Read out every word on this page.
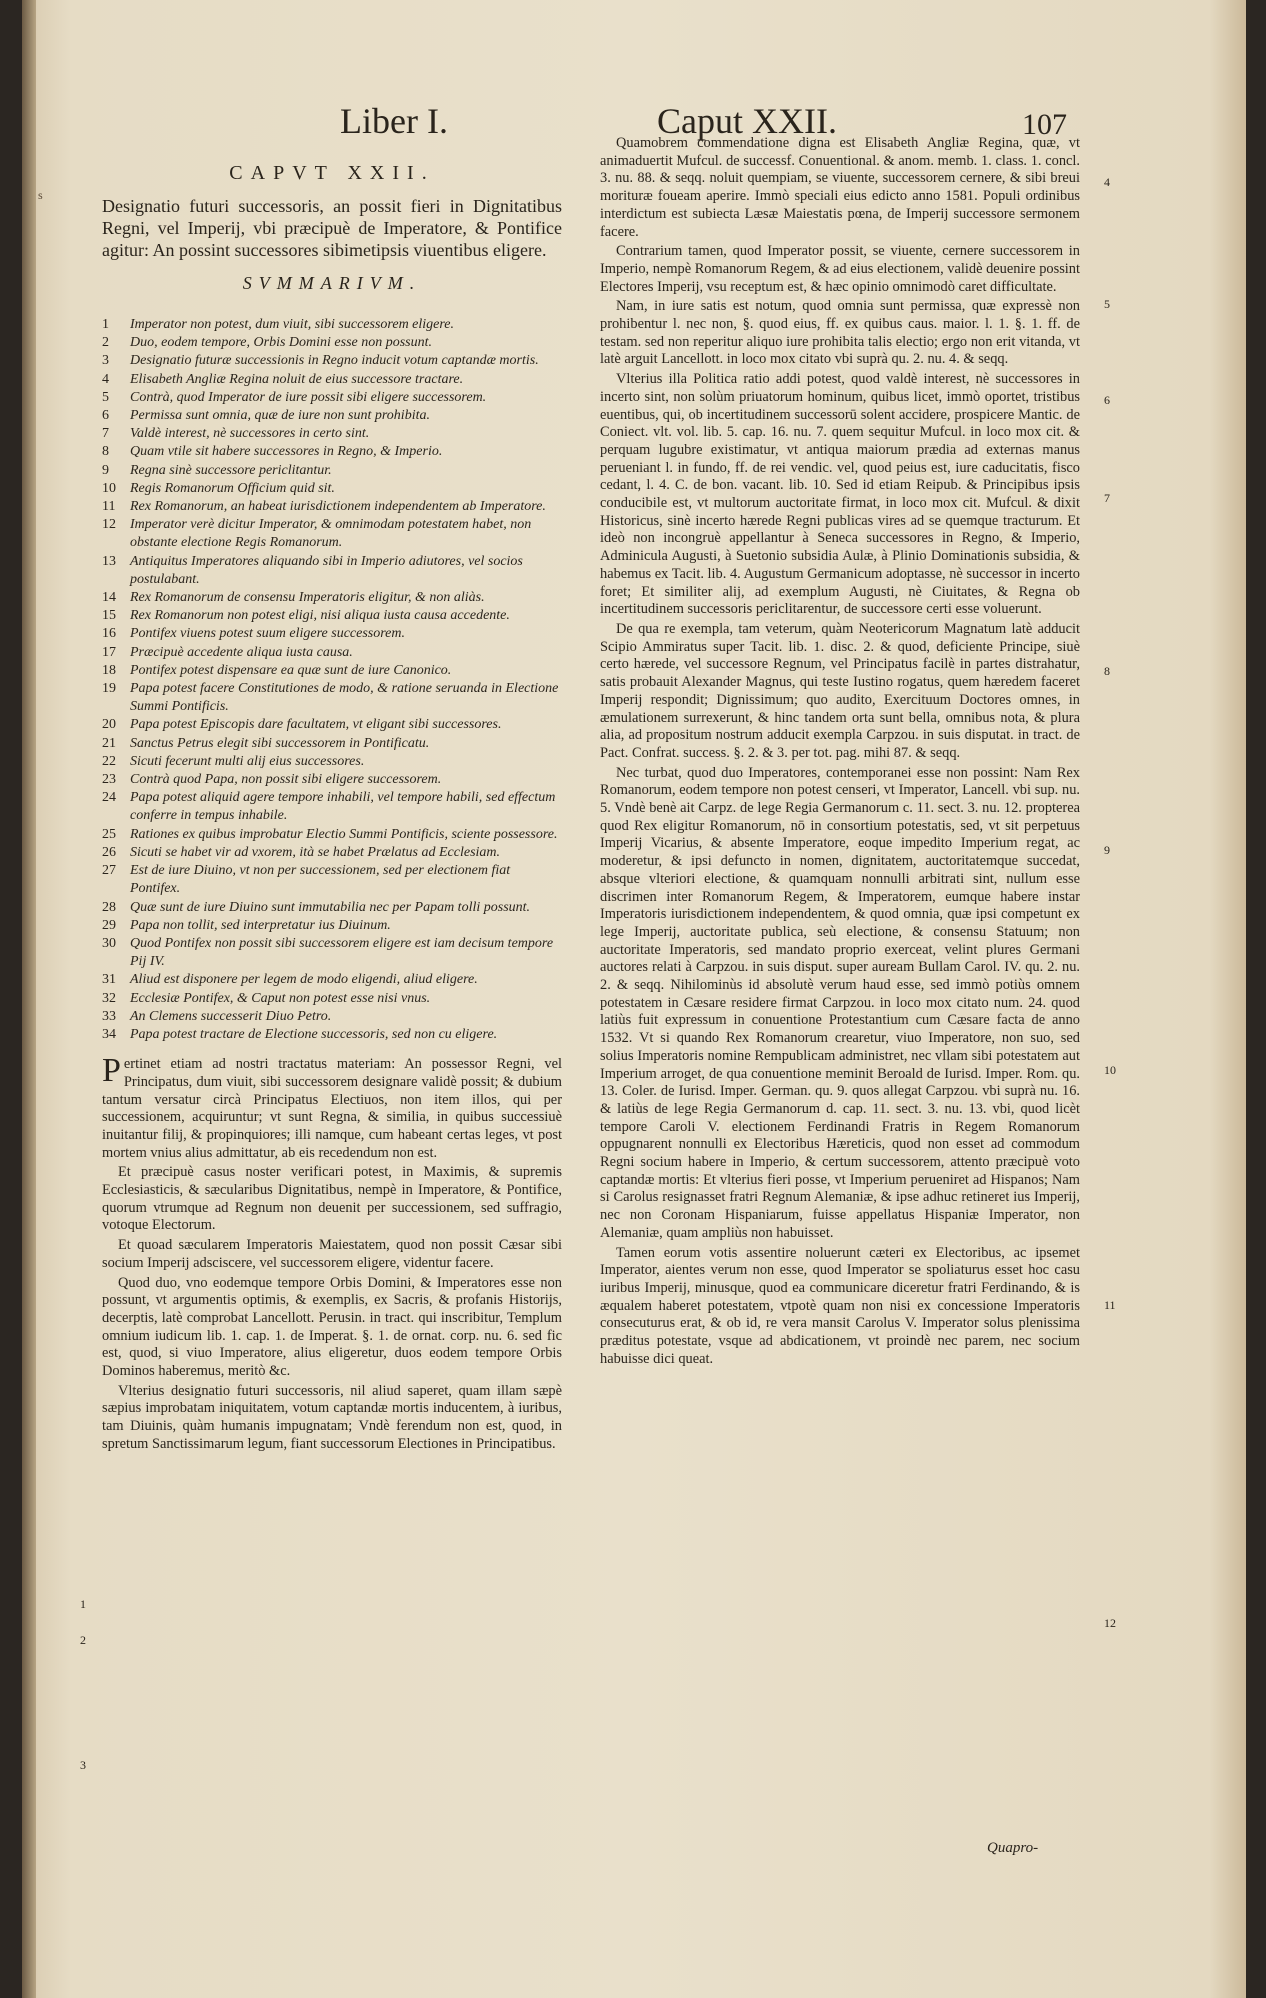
s
Liber I.	Caput XXII.	107
CAPVT XXII.

Designatio futuri successoris, an possit fieri in Dignitatibus Regni, vel Imperij, vbi præcipuè de Imperatore, & Pontifice agitur: An possint successores sibimetipsis viuentibus eligere.

SVMMARIVM.
1	Imperator non potest, dum viuit, sibi successorem eligere.
2	Duo, eodem tempore, Orbis Domini esse non possunt.
3	Designatio futuræ successionis in Regno inducit votum captandæ mortis.
4	Elisabeth Angliæ Regina noluit de eius successore tractare.
5	Contrà, quod Imperator de iure possit sibi eligere successorem.
6	Permissa sunt omnia, quæ de iure non sunt prohibita.
7	Valdè interest, nè successores in certo sint.
8	Quam vtile sit habere successores in Regno, & Imperio.
9	Regna sinè successore periclitantur.
10	Regis Romanorum Officium quid sit.
11	Rex Romanorum, an habeat iurisdictionem independentem ab Imperatore.
12	Imperator verè dicitur Imperator, & omnimodam potestatem habet, non obstante electione Regis Romanorum.
13	Antiquitus Imperatores aliquando sibi in Imperio adiutores, vel socios postulabant.
14	Rex Romanorum de consensu Imperatoris eligitur, & non aliàs.
15	Rex Romanorum non potest eligi, nisi aliqua iusta causa accedente.
16	Pontifex viuens potest suum eligere successorem.
17	Præcipuè accedente aliqua iusta causa.
18	Pontifex potest dispensare ea quæ sunt de iure Canonico.
19	Papa potest facere Constitutiones de modo, & ratione seruanda in Electione Summi Pontificis.
20	Papa potest Episcopis dare facultatem, vt eligant sibi successores.
21	Sanctus Petrus elegit sibi successorem in Pontificatu.
22	Sicuti fecerunt multi alij eius successores.
23	Contrà quod Papa, non possit sibi eligere successorem.
24	Papa potest aliquid agere tempore inhabili, vel tempore habili, sed effectum conferre in tempus inhabile.
25	Rationes ex quibus improbatur Electio Summi Pontificis, sciente possessore.
26	Sicuti se habet vir ad vxorem, ità se habet Prælatus ad Ecclesiam.
27	Est de iure Diuino, vt non per successionem, sed per electionem fiat Pontifex.
28	Quæ sunt de iure Diuino sunt immutabilia nec per Papam tolli possunt.
29	Papa non tollit, sed interpretatur ius Diuinum.
30	Quod Pontifex non possit sibi successorem eligere est iam decisum tempore Pij IV.
31	Aliud est disponere per legem de modo eligendi, aliud eligere.
32	Ecclesiæ Pontifex, & Caput non potest esse nisi vnus.
33	An Clemens successerit Diuo Petro.
34	Papa potest tractare de Electione successoris, sed non cu eligere.

Pertinet etiam ad nostri tractatus materiam: An possessor Regni, vel Principatus, dum viuit, sibi successorem designare validè possit; & dubium tantum versatur circà Principatus Electiuos, non item illos, qui per successionem, acquiruntur; vt sunt Regna, & similia, in quibus successiuè inuitantur filij, & propinquiores; illi namque, cum habeant certas leges, vt post mortem vnius alius admittatur, ab eis recedendum non est.

Et præcipuè casus noster verificari potest, in Maximis, & supremis Ecclesiasticis, & sæcularibus Dignitatibus, nempè in Imperatore, & Pontifice, quorum vtrumque ad Regnum non deuenit per successionem, sed suffragio, votoque Electorum.

Et quoad sæcularem Imperatoris Maiestatem, quod non possit Cæsar sibi socium Imperij adsciscere, vel successorem eligere, videntur facere.

Quod duo, vno eodemque tempore Orbis Domini, & Imperatores esse non possunt, vt argumentis optimis, & exemplis, ex Sacris, & profanis Historijs, decerptis, latè comprobat Lancellott. Perusin. in tract. qui inscribitur, Templum omnium iudicum lib. 1. cap. 1. de Imperat. §. 1. de ornat. corp. nu. 6. sed fic est, quod, si viuo Imperatore, alius eligeretur, duos eodem tempore Orbis Dominos haberemus, meritò &c.

Vlterius designatio futuri successoris, nil aliud saperet, quam illam sæpè sæpius improbatam iniquitatem, votum captandæ mortis inducentem, à iuribus, tam Diuinis, quàm humanis impugnatam; Vndè ferendum non est, quod, in spretum Sanctissimarum legum, fiant successorum Electiones in Principatibus.

Quamobrem commendatione digna est Elisabeth Angliæ Regina, quæ, vt animaduertit Mufcul. de successf. Conuentional. & anom. memb. 1. class. 1. concl. 3. nu. 88. & seqq. noluit quempiam, se viuente, successorem cernere, & sibi breui morituræ foueam aperire. Immò speciali eius edicto anno 1581. Populi ordinibus interdictum est subiecta Læsæ Maiestatis pœna, de Imperij successore sermonem facere.

Contrarium tamen, quod Imperator possit, se viuente, cernere successorem in Imperio, nempè Romanorum Regem, & ad eius electionem, validè deuenire possint Electores Imperij, vsu receptum est, & hæc opinio omnimodò caret difficultate.

Nam, in iure satis est notum, quod omnia sunt permissa, quæ expressè non prohibentur l. nec non, §. quod eius, ff. ex quibus caus. maior. l. 1. §. 1. ff. de testam. sed non reperitur aliquo iure prohibita talis electio; ergo non erit vitanda, vt latè arguit Lancellott. in loco mox citato vbi suprà qu. 2. nu. 4. & seqq.

Vlterius illa Politica ratio addi potest, quod valdè interest, nè successores in incerto sint, non solùm priuatorum hominum, quibus licet, immò oportet, tristibus euentibus, qui, ob incertitudinem successorū solent accidere, prospicere Mantic. de Coniect. vlt. vol. lib. 5. cap. 16. nu. 7. quem sequitur Mufcul. in loco mox cit. & perquam lugubre existimatur, vt antiqua maiorum prædia ad externas manus perueniant l. in fundo, ff. de rei vendic. vel, quod peius est, iure caducitatis, fisco cedant, l. 4. C. de bon. vacant. lib. 10. Sed id etiam Reipub. & Principibus ipsis conducibile est, vt multorum auctoritate firmat, in loco mox cit. Mufcul. & dixit Historicus, sinè incerto hærede Regni publicas vires ad se quemque tracturum. Et ideò non incongruè appellantur à Seneca successores in Regno, & Imperio, Adminicula Augusti, à Suetonio subsidia Aulæ, à Plinio Dominationis subsidia, & habemus ex Tacit. lib. 4. Augustum Germanicum adoptasse, nè successor in incerto foret; Et similiter alij, ad exemplum Augusti, nè Ciuitates, & Regna ob incertitudinem successoris periclitarentur, de successore certi esse voluerunt.

De qua re exempla, tam veterum, quàm Neotericorum Magnatum latè adducit Scipio Ammiratus super Tacit. lib. 1. disc. 2. & quod, deficiente Principe, siuè certo hærede, vel successore Regnum, vel Principatus facilè in partes distrahatur, satis probauit Alexander Magnus, qui teste Iustino rogatus, quem hæredem faceret Imperij respondit; Dignissimum; quo audito, Exercituum Doctores omnes, in æmulationem surrexerunt, & hinc tandem orta sunt bella, omnibus nota, & plura alia, ad propositum nostrum adducit exempla Carpzou. in suis disputat. in tract. de Pact. Confrat. success. §. 2. & 3. per tot. pag. mihi 87. & seqq.

Nec turbat, quod duo Imperatores, contemporanei esse non possint: Nam Rex Romanorum, eodem tempore non potest censeri, vt Imperator, Lancell. vbi sup. nu. 5. Vndè benè ait Carpz. de lege Regia Germanorum c. 11. sect. 3. nu. 12. propterea quod Rex eligitur Romanorum, nō in consortium potestatis, sed, vt sit perpetuus Imperij Vicarius, & absente Imperatore, eoque impedito Imperium regat, ac moderetur, & ipsi defuncto in nomen, dignitatem, auctoritatemque succedat, absque vlteriori electione, & quamquam nonnulli arbitrati sint, nullum esse discrimen inter Romanorum Regem, & Imperatorem, eumque habere instar Imperatoris iurisdictionem independentem, & quod omnia, quæ ipsi competunt ex lege Imperij, auctoritate publica, seù electione, & consensu Statuum; non auctoritate Imperatoris, sed mandato proprio exerceat, velint plures Germani auctores relati à Carpzou. in suis disput. super auream Bullam Carol. IV. qu. 2. nu. 2. & seqq. Nihilominùs id absolutè verum haud esse, sed immò potiùs omnem potestatem in Cæsare residere firmat Carpzou. in loco mox citato num. 24. quod latiùs fuit expressum in conuentione Protestantium cum Cæsare facta de anno 1532. Vt si quando Rex Romanorum crearetur, viuo Imperatore, non suo, sed solius Imperatoris nomine Rempublicam administret, nec vllam sibi potestatem aut Imperium arroget, de qua conuentione meminit Beroald de Iurisd. Imper. Rom. qu. 13. Coler. de Iurisd. Imper. German. qu. 9. quos allegat Carpzou. vbi suprà nu. 16. & latiùs de lege Regia Germanorum d. cap. 11. sect. 3. nu. 13. vbi, quod licèt tempore Caroli V. electionem Ferdinandi Fratris in Regem Romanorum oppugnarent nonnulli ex Electoribus Hæreticis, quod non esset ad commodum Regni socium habere in Imperio, & certum successorem, attento præcipuè voto captandæ mortis: Et vlterius fieri posse, vt Imperium perueniret ad Hispanos; Nam si Carolus resignasset fratri Regnum Alemaniæ, & ipse adhuc retineret ius Imperij, nec non Coronam Hispaniarum, fuisse appellatus Hispaniæ Imperator, non Alemaniæ, quam ampliùs non habuisset.

Tamen eorum votis assentire noluerunt cæteri ex Electoribus, ac ipsemet Imperator, aientes verum non esse, quod Imperator se spoliaturus esset hoc casu iuribus Imperij, minusque, quod ea communicare diceretur fratri Ferdinando, & is æqualem haberet potestatem, vtpotè quam non nisi ex concessione Imperatoris consecuturus erat, & ob id, re vera mansit Carolus V. Imperator solus plenissima præditus potestate, vsque ad abdicationem, vt proindè nec parem, nec socium habuisse dici queat.

4
5
6
7
8
9
10
11
12
1
2
3
Quapro-
